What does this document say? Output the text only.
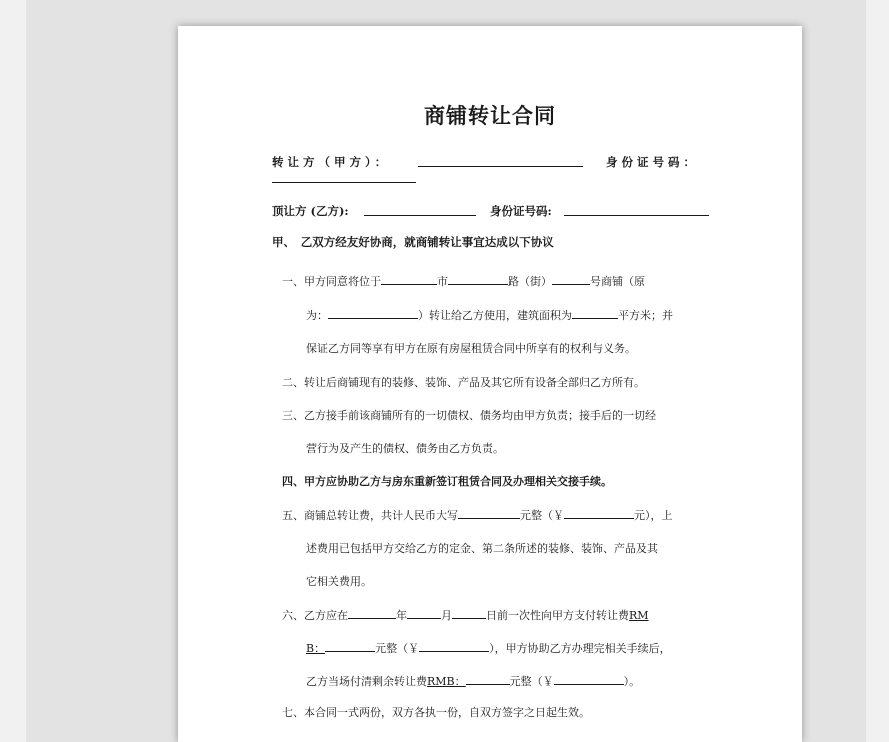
商铺转让合同
转让方（甲方）：	身份证号码：
顶让方 (乙方):	身份证号码:
甲、　乙双方经友好协商，就商铺转让事宜达成以下协议
一、甲方同意将位于	市	路（街）	号商铺（原
为：	）转让给乙方使用，建筑面积为	平方米；并
保证乙方同等享有甲方在原有房屋租赁合同中所享有的权利与义务。
二、转让后商铺现有的装修、装饰、产品及其它所有设备全部归乙方所有。
三、乙方接手前该商铺所有的一切债权、债务均由甲方负责；接手后的一切经
营行为及产生的债权、债务由乙方负责。
四、甲方应协助乙方与房东重新签订租赁合同及办理相关交接手续。
五、商铺总转让费，共计人民币大写	元整（￥	元），上
述费用已包括甲方交给乙方的定金、第二条所述的装修、装饰、产品及其
它相关费用。
六、乙方应在	年	月	日前一次性向甲方支付转让费RM
B：	元整（￥	），甲方协助乙方办理完相关手续后，
乙方当场付清剩余转让费RMB：	元整（￥	）。
七、本合同一式两份，双方各执一份，自双方签字之日起生效。
